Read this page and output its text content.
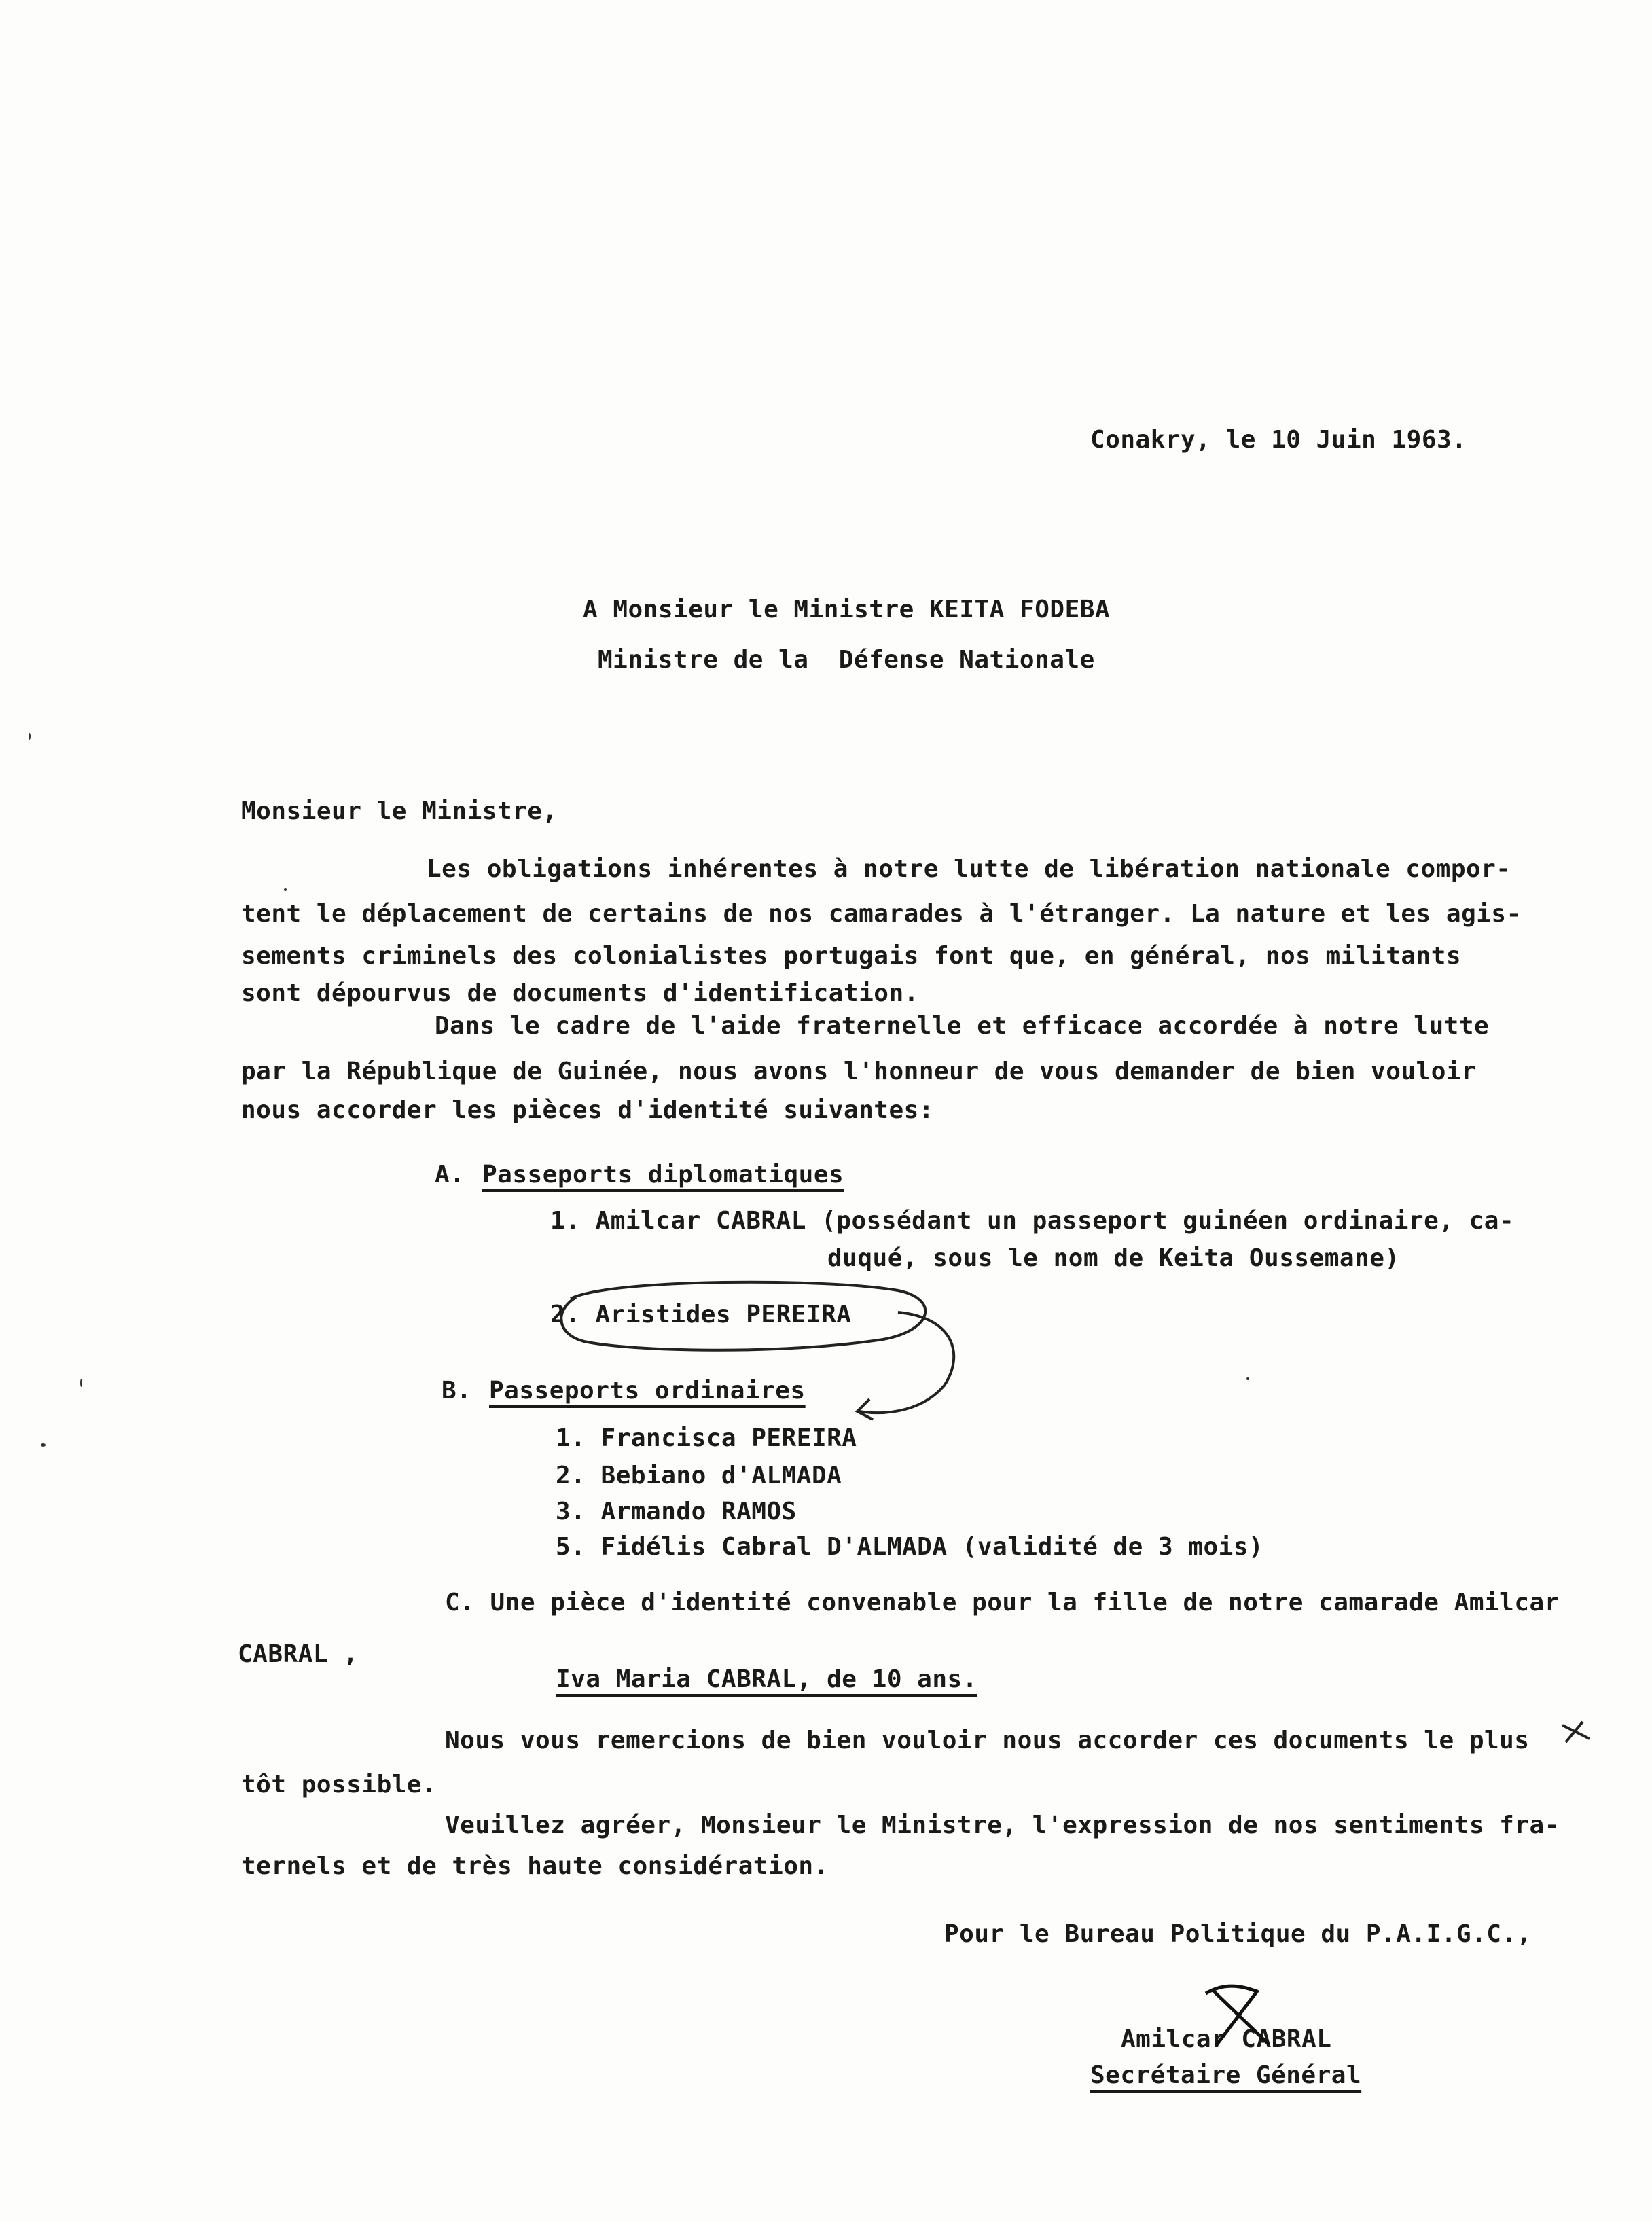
Conakry, le 10 Juin 1963.
A Monsieur le Ministre KEITA FODEBA
Ministre de la  Défense Nationale
Monsieur le Ministre,
Les obligations inhérentes à notre lutte de libération nationale compor-
tent le déplacement de certains de nos camarades à l'étranger. La nature et les agis-
sements criminels des colonialistes portugais font que, en général, nos militants
sont dépourvus de documents d'identification.
Dans le cadre de l'aide fraternelle et efficace accordée à notre lutte
par la République de Guinée, nous avons l'honneur de vous demander de bien vouloir
nous accorder les pièces d'identité suivantes:
A. Passeports diplomatiques
1. Amilcar CABRAL (possédant un passeport guinéen ordinaire, ca-
duqué, sous le nom de Keita Oussemane)
2. Aristides PEREIRA
B. Passeports ordinaires
1. Francisca PEREIRA
2. Bebiano d'ALMADA
3. Armando RAMOS
5. Fidélis Cabral D'ALMADA (validité de 3 mois)
C. Une pièce d'identité convenable pour la fille de notre camarade Amilcar
CABRAL ,
Iva Maria CABRAL, de 10 ans.
Nous vous remercions de bien vouloir nous accorder ces documents le plus
tôt possible.
Veuillez agréer, Monsieur le Ministre, l'expression de nos sentiments fra-
ternels et de très haute considération.
Pour le Bureau Politique du P.A.I.G.C.,
Amilcar CABRAL
Secrétaire Général
